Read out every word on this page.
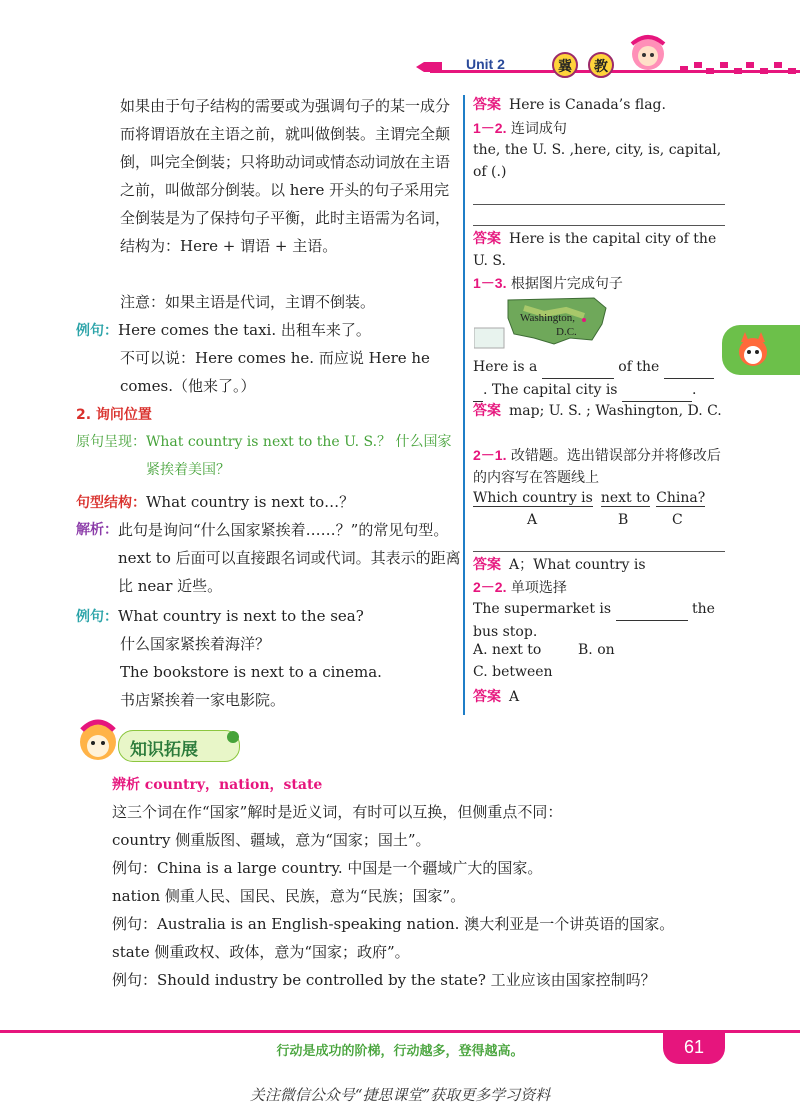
Unit 2	冀	教
如果由于句子结构的需要或为强调句子的某一成分而将谓语放在主语之前，就叫做倒装。主谓完全颠倒，叫完全倒装；只将助动词或情态动词放在主语之前，叫做部分倒装。以 here 开头的句子采用完全倒装是为了保持句子平衡，此时主语需为名词，结构为：Here + 谓语 + 主语。
注意：如果主语是代词，主谓不倒装。
例句：Here comes the taxi. 出租车来了。
不可以说：Here comes he. 而应说 Here he comes.（他来了。）
2. 询问位置
原句呈现： What country is next to the U. S.？ 什么国家紧挨着美国？
句型结构：What country is next to…？
解析： 此句是询问“什么国家紧挨着……？”的常见句型。next to 后面可以直接跟名词或代词。其表示的距离比 near 近些。
例句：What country is next to the sea?
什么国家紧挨着海洋？
The bookstore is next to a cinema.
书店紧挨着一家电影院。
答案 Here is Canada’s flag.
1－2. 连词成句
the, the U. S. ,here, city, is, capital, of (.)
答案 Here is the capital city of the U. S.
1－3. 根据图片完成句子
Washington,
D.C.
Here is a	of the
. The capital city is	.
答案 map; U. S. ; Washington, D. C.
2－1. 改错题。选出错误部分并将修改后的内容写在答题线上
Which country is next to China?
A	B	C
答案 A；What country is
2－2. 单项选择
The supermarket is	the bus stop.
A. next to	B. on
C. between
答案 A
知识拓展
辨析 country，nation，state
这三个词在作“国家”解时是近义词，有时可以互换，但侧重点不同：
country 侧重版图、疆域，意为“国家；国土”。
例句：China is a large country. 中国是一个疆域广大的国家。
nation 侧重人民、国民、民族，意为“民族；国家”。
例句：Australia is an English-speaking nation. 澳大利亚是一个讲英语的国家。
state 侧重政权、政体，意为“国家；政府”。
例句：Should industry be controlled by the state? 工业应该由国家控制吗？
行动是成功的阶梯，行动越多，登得越高。	61
关注微信公众号“捷思课堂”获取更多学习资料
